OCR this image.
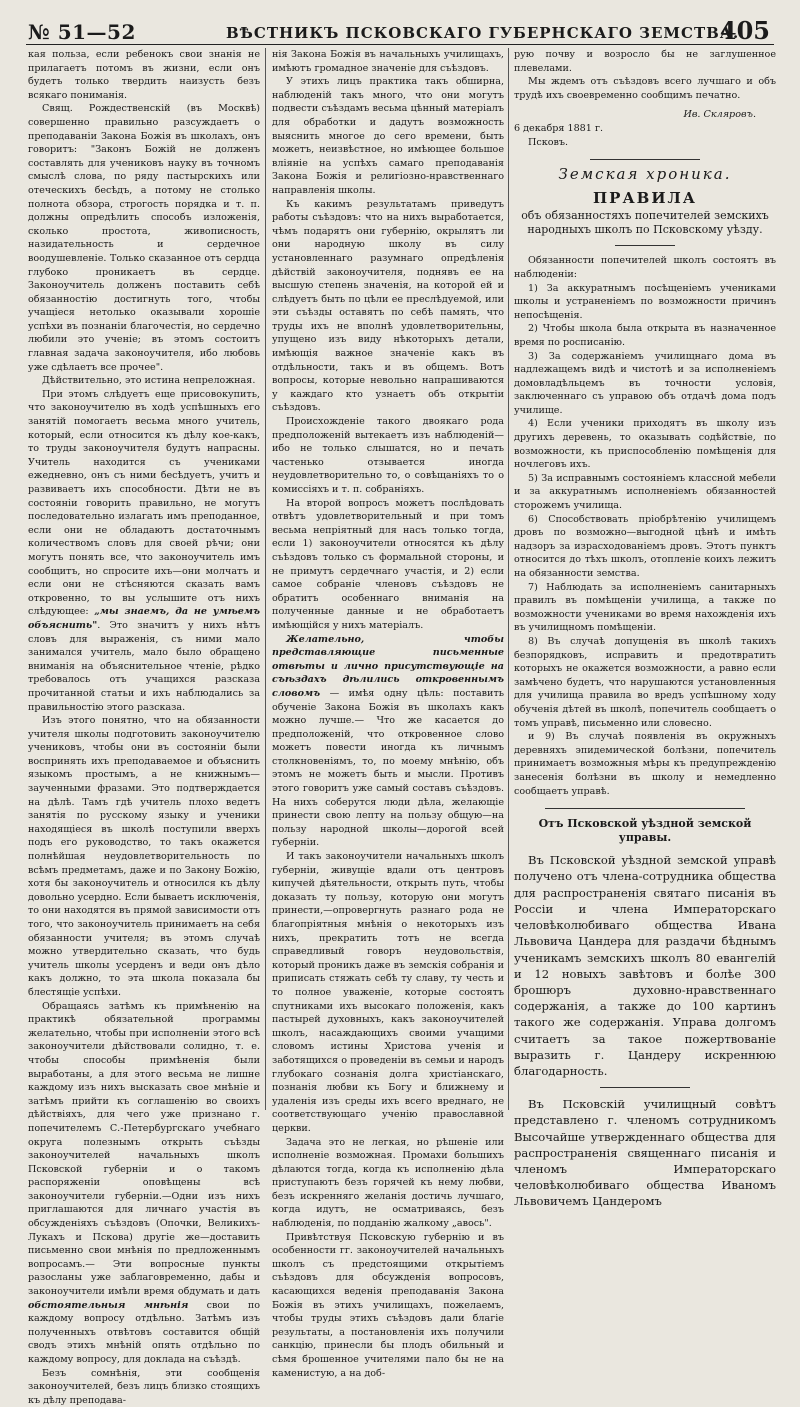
№ 51—52	ВѢСТНИКЪ ПСКОВСКАГО ГУБЕРНСКАГО ЗЕМСТВА.
405

кая польза, если ребенокъ свои знанія не прилагаетъ потомъ въ жизни, если онъ будетъ только твердить наизусть безъ всякаго пониманія.

Свящ. Рождественскій (въ Москвѣ) совершенно правильно разсуждаетъ о преподаваніи Закона Божія въ школахъ, онъ говоритъ: "Законъ Божій не долженъ составлять для учениковъ науку въ точномъ смыслѣ слова, по ряду пастырскихъ или отеческихъ бесѣдъ, а потому не столько полнота обзора, строгость порядка и т. п. должны опредѣлить способъ изложенія, сколько простота, живописность, назидательность и сердечное воодушевленіе. Только сказанное отъ сердца глубоко проникаетъ въ сердце. Законоучитель долженъ поставить себѣ обязанностію достигнуть того, чтобы учащіеся нетолько оказывали хорошіе успѣхи въ познаніи благочестія, но сердечно любили это ученіе; въ этомъ состоитъ главная задача законоучителя, ибо любовь уже сдѣлаетъ все прочее".

Дѣйствительно, это истина непреложная.

При этомъ слѣдуетъ еще присовокупить, что законоучителю въ ходѣ успѣшныхъ его занятій помогаетъ весьма много учитель, который, если относится къ дѣлу кое-какъ, то труды законоучителя будутъ напрасны. Учитель находится съ учениками ежедневно, онъ съ ними бесѣдуетъ, учитъ и развиваетъ ихъ способности. Дѣти не въ состояніи говорить правильно, не могутъ последовательно излагать имъ преподанное, если они не обладаютъ достаточнымъ количествомъ словъ для своей рѣчи; они могутъ понять все, что законоучитель имъ сообщитъ, но спросите ихъ—они молчатъ и если они не стѣсняются сказать вамъ откровенно, то вы услышите отъ нихъ слѣдующее: „мы знаемъ, да не умѣемъ объяснить". Это значитъ у нихъ нѣтъ словъ для выраженія, съ ними мало занимался учитель, мало было обращено вниманія на объяснительное чтеніе, рѣдко требовалось отъ учащихся разсказа прочитанной статьи и ихъ наблюдались за правильностію этого разсказа.

Изъ этого понятно, что на обязанности учителя школы подготовить законоучителю учениковъ, чтобы они въ состояніи были воспринять ихъ преподаваемое и объяснить языкомъ простымъ, а не книжнымъ—заученными фразами. Это подтверждается на дѣлѣ. Тамъ гдѣ учитель плохо ведетъ занятія по русскому языку и ученики находящіеся въ школѣ поступили вверхъ подъ его руководство, то такъ окажется полнѣйшая неудовлетворительность по всѣмъ предметамъ, даже и по Закону Божію, хотя бы законоучитель и относился къ дѣлу довольно усердно. Если бываетъ исключенія, то они находятся въ прямой зависимости отъ того, что законоучитель принимаетъ на себя обязанности учителя; въ этомъ случаѣ можно утвердительно сказать, что будь учитель школы усерденъ и веди онъ дѣло какъ должно, то эта школа показала бы блестящіе успѣхи.

Обращаясь затѣмъ къ примѣненію на практикѣ обязательной программы желательно, чтобы при исполненіи этого всѣ законоучители дѣйствовали солидно, т. е. чтобы способы примѣненія были выработаны, а для этого весьма не лишне каждому изъ нихъ высказать свое мнѣніе и затѣмъ прийти къ соглашенію во своихъ дѣйствіяхъ, для чего уже признано г. попечителемъ С.-Петербургскаго учебнаго округа полезнымъ открыть съѣзды законоучителей начальныхъ школъ Псковской губерніи и о такомъ распоряженіи оповѣщены всѣ законоучители губерніи.—Одни изъ нихъ приглашаются для личнаго участія въ обсужденіяхъ съѣздовъ (Опочки, Великихъ-Лукахъ и Пскова) другіе же—доставить письменно свои мнѣнія по предложеннымъ вопросамъ.— Эти вопросные пункты разосланы уже заблаговременно, дабы и законоучители имѣли время обдумать и дать обстоятельныя мнѣнія свои по каждому вопросу отдѣльно. Затѣмъ изъ полученныхъ отвѣтовъ составится общій сводъ этихъ мнѣній опять отдѣльно по каждому вопросу, для доклада на съѣздѣ.

Безъ сомнѣнія, эти сообщенія законоучителей, безъ лицъ близко стоящихъ къ дѣлу преподава-

нія Закона Божія въ начальныхъ училищахъ, имѣютъ громадное значеніе для съѣздовъ.

У этихъ лицъ практика такъ обширна, наблюденій такъ много, что они могутъ подвести съѣздамъ весьма цѣнный матеріалъ для обработки и дадутъ возможность выяснить многое до сего времени, быть можетъ, неизвѣстное, но имѣющее большое вліяніе на успѣхъ самаго преподаванія Закона Божія и религіозно-нравственнаго направленія школы.

Къ какимъ результатамъ приведутъ работы съѣздовъ: что на нихъ выработается, чѣмъ подарятъ они губернію, окрылятъ ли они народную школу въ силу установленнаго разумнаго опредѣленія дѣйствій законоучителя, поднявъ ее на высшую степень значенія, на которой ей и слѣдуетъ быть по цѣли ее преслѣдуемой, или эти съѣзды оставятъ по себѣ память, что труды ихъ не вполнѣ удовлетворительны, упущено изъ виду нѣкоторыхъ детали, имѣющія важное значеніе какъ въ отдѣльности, такъ и въ общемъ. Вотъ вопросы, которые невольно напрашиваются у каждаго кто узнаетъ объ открытіи съѣздовъ.

Происхожденіе такого двоякаго рода предположеній вытекаетъ изъ наблюденій—ибо не только слышатся, но и печать частенько отзывается иногда неудовлетворительно то, о совѣщаніяхъ то о комиссіяхъ и т. п. собраніяхъ.

На второй вопросъ можетъ послѣдовать отвѣтъ удовлетворительный и при томъ весьма непріятный для насъ только тогда, если 1) законоучители относятся къ дѣлу съѣздовъ только съ формальной стороны, и не примутъ сердечнаго участія, и 2) если самое собраніе членовъ съѣздовъ не обратитъ особеннаго вниманія на полученные данные и не обработаетъ имѣющійся у нихъ матеріалъ.

Желательно, чтобы представляющие письменные отвѣты и лично присутствующіе на съѣздахъ дѣлились откровеннымъ словомъ — имѣя одну цѣль: поставить обученіе Закона Божія въ школахъ какъ можно лучше.— Что же касается до предположеній, что откровенное слово можетъ повести иногда къ личнымъ столкновеніямъ, то, по моему мнѣнію, объ этомъ не можетъ быть и мысли. Противъ этого говоритъ уже самый составъ съѣздовъ. На нихъ соберутся люди дѣла, желающіе принести свою лепту на пользу общую—на пользу народной школы—дорогой всей губерніи.

И такъ законоучители начальныхъ школъ губерніи, живущіе вдали отъ центровъ кипучей дѣятельности, открыть путь, чтобы доказать ту пользу, которую они могутъ принести,—опровергнуть разнаго рода не благопріятныя мнѣнія о некоторыхъ изъ нихъ, прекратить тотъ не всегда справедливый говоръ неудовольствія, который проникъ даже въ земскія собранія и приписать стяжать себѣ ту славу, ту честь и то полное уваженіе, которые состоятъ спутниками ихъ высокаго положенія, какъ пастырей духовныхъ, какъ законоучителей школъ, насаждающихъ своими учащими словомъ истины Христова ученія и заботящихся о проведеніи въ семьи и народъ глубокаго сознанія долга христіанскаго, познанія любви къ Богу и ближнему и удаленія изъ среды ихъ всего вреднаго, не соответствующаго ученію православной церкви.

Задача это не легкая, но рѣшеніе или исполненіе возможная. Промахи большихъ дѣлаются тогда, когда къ исполненію дѣла приступаютъ безъ горячей къ нему любви, безъ искренняго желанія достичь лучшаго, когда идутъ, не осматриваясь, безъ наблюденія, по подданію жалкому „авось".

Привѣтствуя Псковскую губернію и въ особенности гг. законоучителей начальныхъ школъ съ предстоящими открытіемъ съѣздовъ для обсужденія вопросовъ, касающихся веденія преподаванія Закона Божія въ этихъ училищахъ, пожелаемъ, чтобы труды этихъ съѣздовъ дали благіе результаты, а постановленія ихъ получили санкцію, принесли бы плодъ обильный и сѣмя брошенное учителями пало бы не на каменистую, а на доб-

рую почву и возросло бы не заглушенное плевелами.

Мы ждемъ отъ съѣздовъ всего лучшаго и объ трудѣ ихъ своевременно сообщимъ печатно.

Ив. Скляровъ.

6 декабря 1881 г.

Псковъ.

Земская хроника.

ПРАВИЛА

объ обязанностяхъ попечителей земскихъ народныхъ школъ по Псковскому уѣзду.

Обязанности попечителей школъ состоятъ въ наблюденіи:

1) За аккуратнымъ посѣщеніемъ учениками школы и устраненіемъ по возможности причинъ непосѣщенія.

2) Чтобы школа была открыта въ назначенное время по росписанію.

3) За содержаніемъ училищнаго дома въ надлежащемъ видѣ и чистотѣ и за исполненіемъ домовладѣльцемъ въ точности условія, заключеннаго съ управою объ отдачѣ дома подъ училище.

4) Если ученики приходятъ въ школу изъ другихъ деревень, то оказывать содѣйствіе, по возможности, къ приспособленію помѣщенія для ночлеговъ ихъ.

5) За исправнымъ состояніемъ классной мебели и за аккуратнымъ исполненіемъ обязанностей сторожемъ училища.

6) Способствовать пріобрѣтенію училищемъ дровъ по возможно—выгодной цѣнѣ и имѣть надзоръ за израсходованіемъ дровъ. Этотъ пунктъ относится до тѣхъ школъ, отопленіе коихъ лежитъ на обязанности земства.

7) Наблюдать за исполненіемъ санитарныхъ правилъ въ помѣщеніи училища, а также по возможности учениками во время нахожденія ихъ въ училищномъ помѣщеніи.

8) Въ случаѣ допущенія въ школѣ такихъ безпорядковъ, исправить и предотвратить которыхъ не окажется возможности, а равно если замѣчено будетъ, что нарушаются установленныя для училища правила во вредъ успѣшному ходу обученія дѣтей въ школѣ, попечитель сообщаетъ о томъ управѣ, письменно или словесно.

и 9) Въ случаѣ появленія въ окружныхъ деревняхъ эпидемической болѣзни, попечитель принимаетъ возможныя мѣры къ предупрежденію занесенія болѣзни въ школу и немедленно сообщаетъ управѣ.

Отъ Псковской уѣздной земской управы.

Въ Псковской уѣздной земской управѣ получено отъ члена-сотрудника общества для распространенія святаго писанія въ Россіи и члена Императорскаго человѣколюбиваго общества Ивана Львовича Цандера для раздачи бѣднымъ ученикамъ земскихъ школъ 80 евангелій и 12 новыхъ завѣтовъ и болѣе 300 брошюръ духовно-нравственнаго содержанія, а также до 100 картинъ такого же содержанія. Управа долгомъ считаетъ за такое пожертвованіе выразить г. Цандеру искреннюю благодарность.

Въ Псковскій училищный совѣтъ представлено г. членомъ сотрудникомъ Высочайше утвержденнаго общества для распространенія священнаго писанія и членомъ Императорскаго человѣколюбиваго общества Иваномъ Львовичемъ Цандеромъ
